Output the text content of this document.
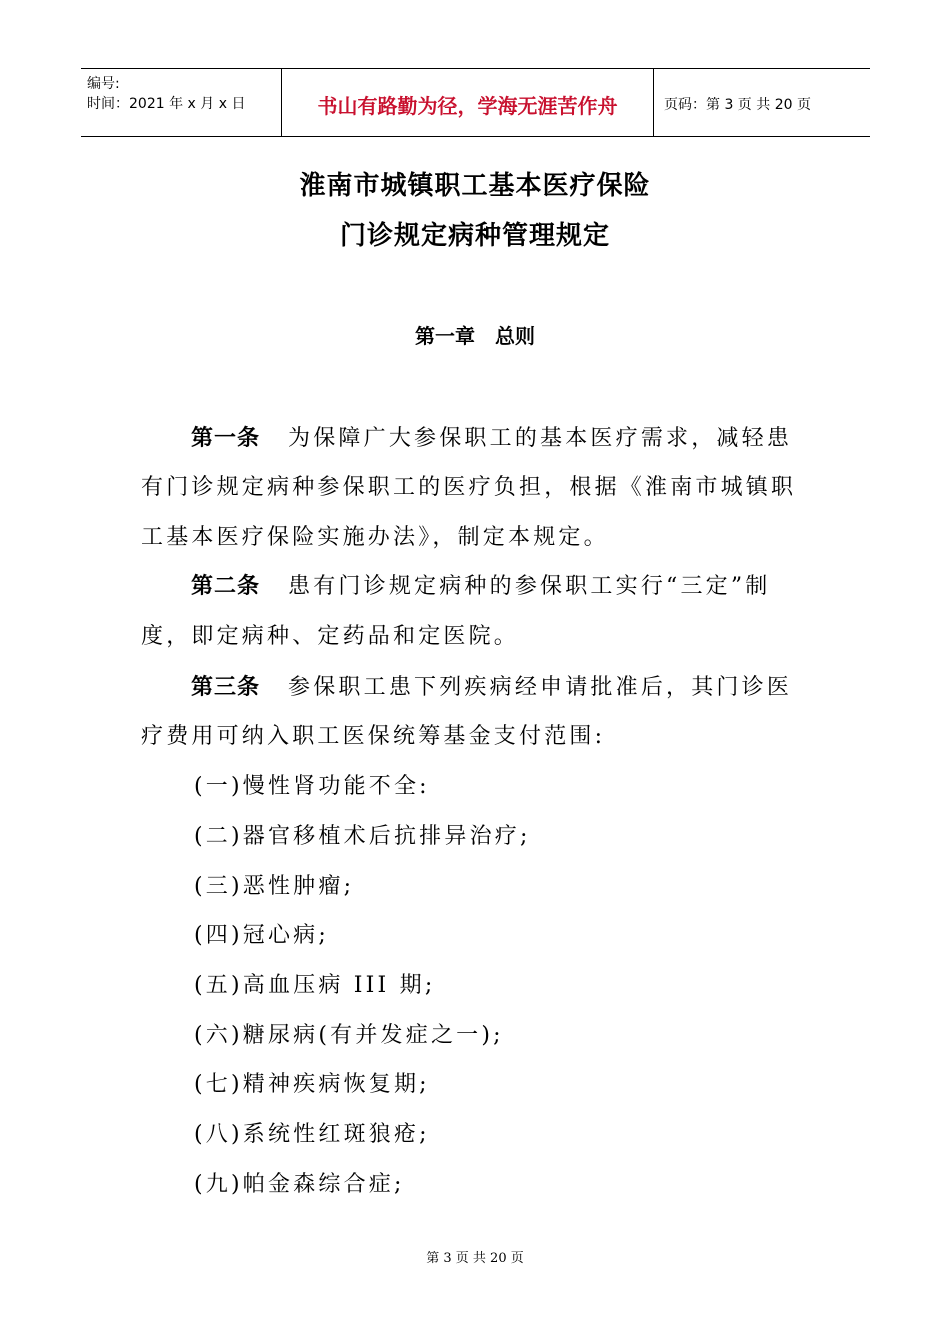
编号:
时间：2021 年 x 月 x 日	书山有路勤为径，学海无涯苦作舟	页码：第 3 页 共 20 页
淮南市城镇职工基本医疗保险
门诊规定病种管理规定
第一章　总则
第一条 为保障广大参保职工的基本医疗需求，减轻患
有门诊规定病种参保职工的医疗负担，根据《淮南市城镇职
工基本医疗保险实施办法》，制定本规定。
第二条 患有门诊规定病种的参保职工实行“三定”制
度，即定病种、定药品和定医院。
第三条 参保职工患下列疾病经申请批准后，其门诊医
疗费用可纳入职工医保统筹基金支付范围:
(一)慢性肾功能不全:
(二)器官移植术后抗排异治疗;
(三)恶性肿瘤;
(四)冠心病;
(五)高血压病 III 期;
(六)糖尿病(有并发症之一);
(七)精神疾病恢复期;
(八)系统性红斑狼疮;
(九)帕金森综合症;
第 3 页 共 20 页
